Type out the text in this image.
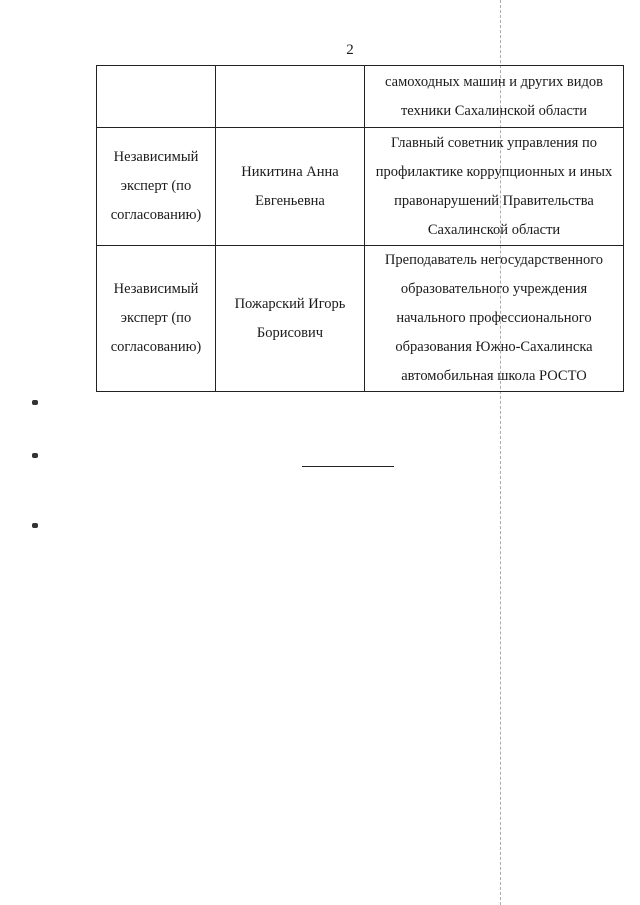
2
		самоходных машин и других видов техники Сахалинской области
Независимый эксперт (по согласованию)	Никитина Анна Евгеньевна	Главный советник управления по профилактике коррупционных и иных правонарушений Правительства Сахалинской области
Независимый эксперт (по согласованию)	Пожарский Игорь Борисович	Преподаватель негосударственного образовательного учреждения начального профессионального образования Южно-Сахалинска автомобильная школа РОСТО
